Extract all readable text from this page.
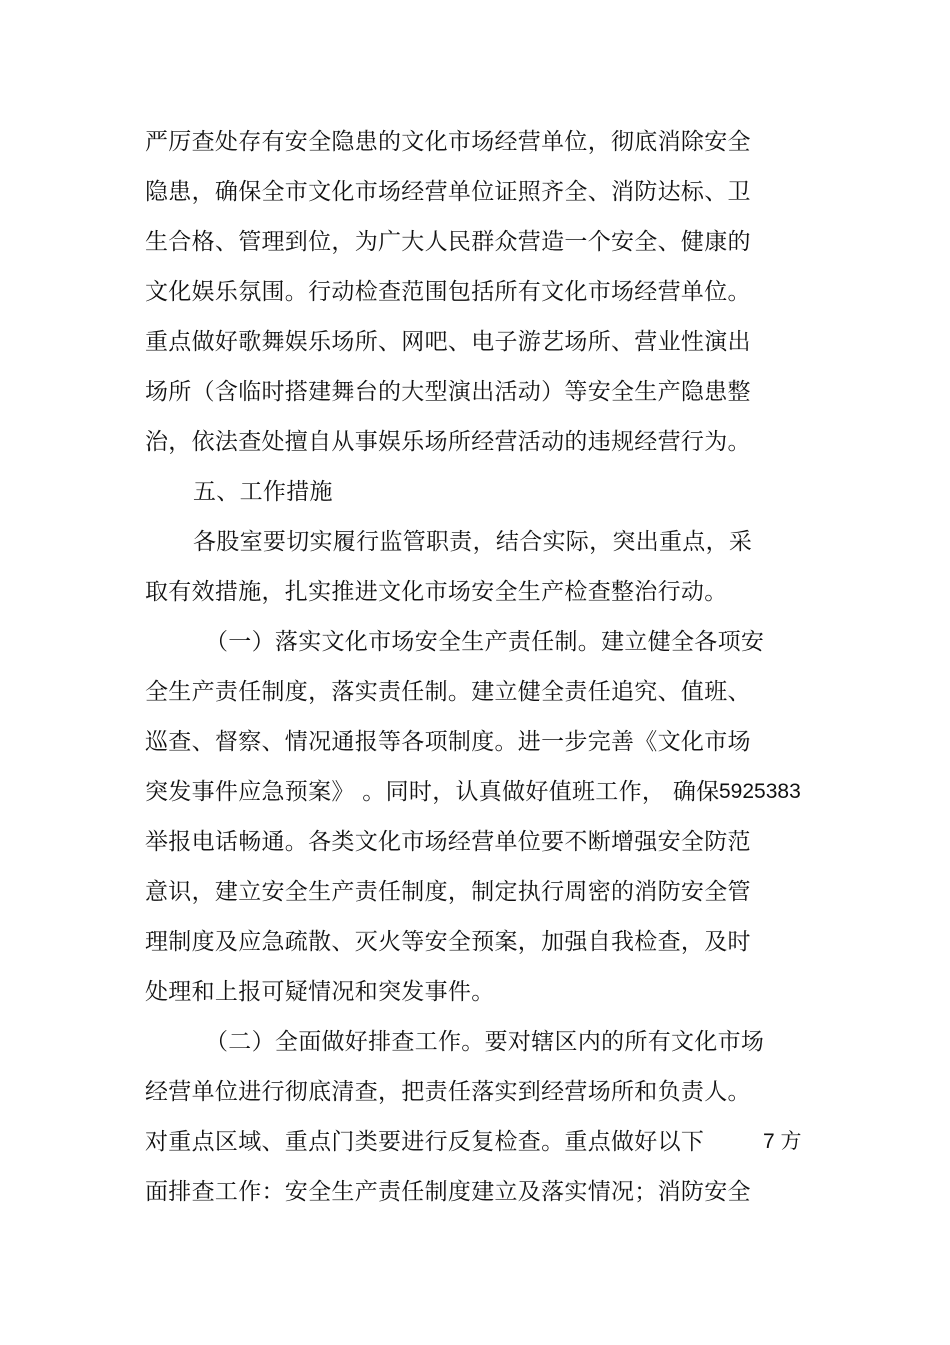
严厉查处存有安全隐患的文化市场经营单位，彻底消除安全
隐患，确保全市文化市场经营单位证照齐全、消防达标、卫
生合格、管理到位，为广大人民群众营造一个安全、健康的
文化娱乐氛围。行动检查范围包括所有文化市场经营单位。
重点做好歌舞娱乐场所、网吧、电子游艺场所、营业性演出
场所（含临时搭建舞台的大型演出活动）等安全生产隐患整
治，依法查处擅自从事娱乐场所经营活动的违规经营行为。
五、工作措施
各股室要切实履行监管职责，结合实际，突出重点，采
取有效措施，扎实推进文化市场安全生产检查整治行动。
（一）落实文化市场安全生产责任制。建立健全各项安
全生产责任制度，落实责任制。建立健全责任追究、值班、
巡查、督察、情况通报等各项制度。进一步完善《文化市场
突发事件应急预案》 。同时，认真做好值班工作， 确保 5925383
举报电话畅通。各类文化市场经营单位要不断增强安全防范
意识，建立安全生产责任制度，制定执行周密的消防安全管
理制度及应急疏散、灭火等安全预案，加强自我检查，及时
处理和上报可疑情况和突发事件。
（二）全面做好排查工作。要对辖区内的所有文化市场
经营单位进行彻底清查，把责任落实到经营场所和负责人。
对重点区域、重点门类要进行反复检查。重点做好以下	7 方
面排查工作：安全生产责任制度建立及落实情况；消防安全
